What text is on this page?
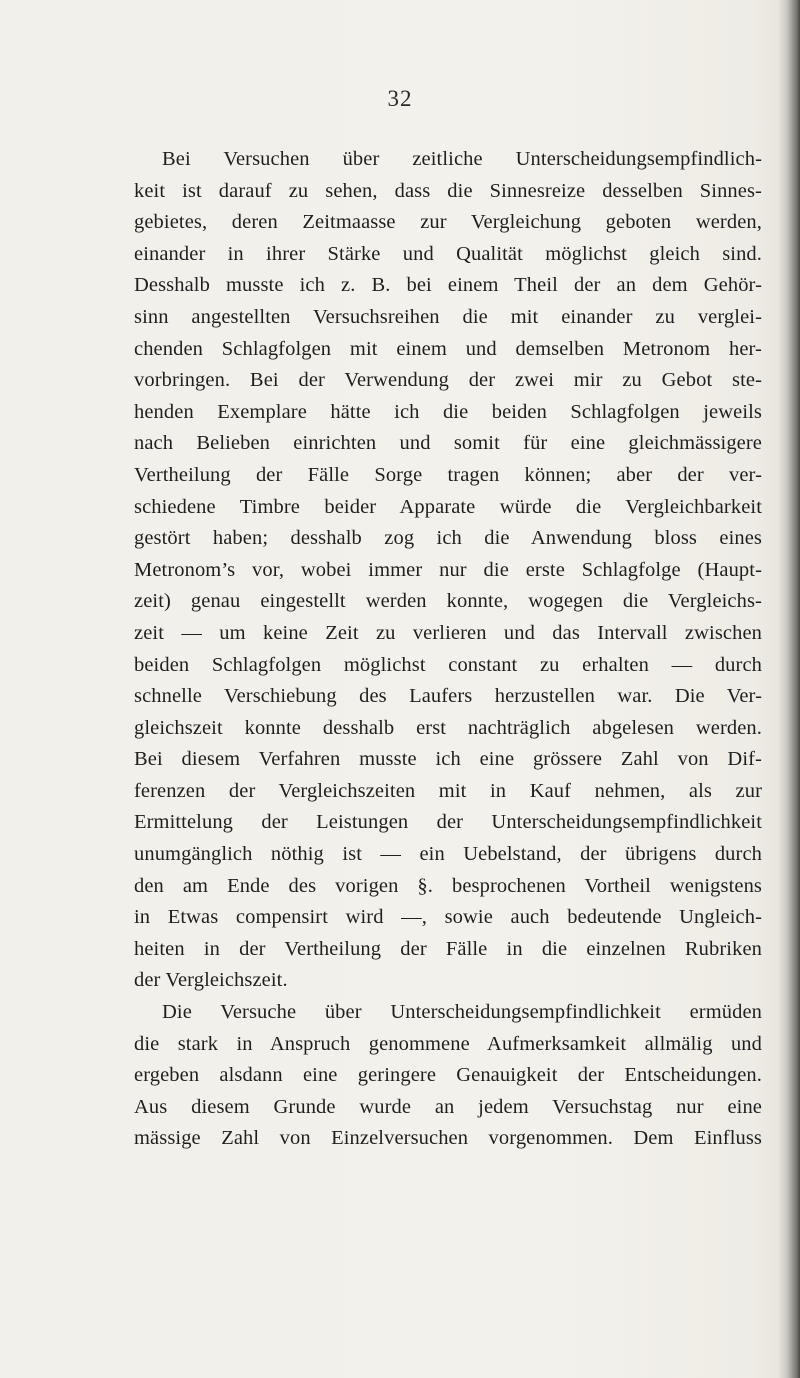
32
Bei Versuchen über zeitliche Unterscheidungsempfindlich-
keit ist darauf zu sehen, dass die Sinnesreize desselben Sinnes-
gebietes, deren Zeitmaasse zur Vergleichung geboten werden,
einander in ihrer Stärke und Qualität möglichst gleich sind.
Desshalb musste ich z. B. bei einem Theil der an dem Gehör-
sinn angestellten Versuchsreihen die mit einander zu verglei-
chenden Schlagfolgen mit einem und demselben Metronom her-
vorbringen. Bei der Verwendung der zwei mir zu Gebot ste-
henden Exemplare hätte ich die beiden Schlagfolgen jeweils
nach Belieben einrichten und somit für eine gleichmässigere
Vertheilung der Fälle Sorge tragen können; aber der ver-
schiedene Timbre beider Apparate würde die Vergleichbarkeit
gestört haben; desshalb zog ich die Anwendung bloss eines
Metronom’s vor, wobei immer nur die erste Schlagfolge (Haupt-
zeit) genau eingestellt werden konnte, wogegen die Vergleichs-
zeit — um keine Zeit zu verlieren und das Intervall zwischen
beiden Schlagfolgen möglichst constant zu erhalten — durch
schnelle Verschiebung des Laufers herzustellen war. Die Ver-
gleichszeit konnte desshalb erst nachträglich abgelesen werden.
Bei diesem Verfahren musste ich eine grössere Zahl von Dif-
ferenzen der Vergleichszeiten mit in Kauf nehmen, als zur
Ermittelung der Leistungen der Unterscheidungsempfindlichkeit
unumgänglich nöthig ist — ein Uebelstand, der übrigens durch
den am Ende des vorigen §. besprochenen Vortheil wenigstens
in Etwas compensirt wird —, sowie auch bedeutende Ungleich-
heiten in der Vertheilung der Fälle in die einzelnen Rubriken
der Vergleichszeit.
Die Versuche über Unterscheidungsempfindlichkeit ermüden
die stark in Anspruch genommene Aufmerksamkeit allmälig und
ergeben alsdann eine geringere Genauigkeit der Entscheidungen.
Aus diesem Grunde wurde an jedem Versuchstag nur eine
mässige Zahl von Einzelversuchen vorgenommen. Dem Einfluss
